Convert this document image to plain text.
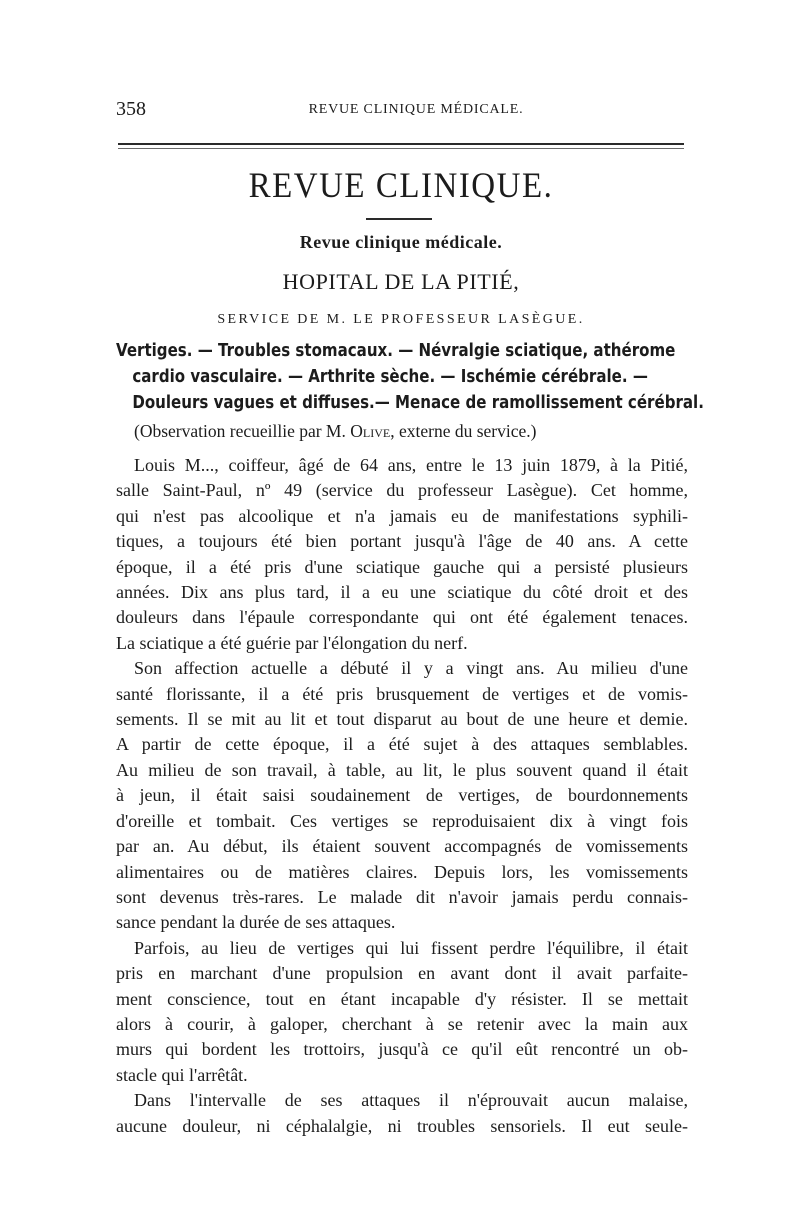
358	REVUE CLINIQUE MÉDICALE.
REVUE CLINIQUE.
Revue clinique médicale.
HOPITAL DE LA PITIÉ,
SERVICE DE M. LE PROFESSEUR LASÈGUE.

Vertiges. — Troubles stomacaux. — Névralgie sciatique, athérome
cardio vasculaire. — Arthrite sèche. — Ischémie cérébrale. —
Douleurs vagues et diffuses.— Menace de ramollissement cérébral.

(Observation recueillie par M. Olive, externe du service.)
Louis M..., coiffeur, âgé de 64 ans, entre le 13 juin 1879, à la Pitié,
salle Saint-Paul, nº 49 (service du professeur Lasègue). Cet homme,
qui n'est pas alcoolique et n'a jamais eu de manifestations syphili-
tiques, a toujours été bien portant jusqu'à l'âge de 40 ans. A cette
époque, il a été pris d'une sciatique gauche qui a persisté plusieurs
années. Dix ans plus tard, il a eu une sciatique du côté droit et des
douleurs dans l'épaule correspondante qui ont été également tenaces.
La sciatique a été guérie par l'élongation du nerf.
Son affection actuelle a débuté il y a vingt ans. Au milieu d'une
santé florissante, il a été pris brusquement de vertiges et de vomis-
sements. Il se mit au lit et tout disparut au bout de une heure et demie.
A partir de cette époque, il a été sujet à des attaques semblables.
Au milieu de son travail, à table, au lit, le plus souvent quand il était
à jeun, il était saisi soudainement de vertiges, de bourdonnements
d'oreille et tombait. Ces vertiges se reproduisaient dix à vingt fois
par an. Au début, ils étaient souvent accompagnés de vomissements
alimentaires ou de matières claires. Depuis lors, les vomissements
sont devenus très-rares. Le malade dit n'avoir jamais perdu connais-
sance pendant la durée de ses attaques.
Parfois, au lieu de vertiges qui lui fissent perdre l'équilibre, il était
pris en marchant d'une propulsion en avant dont il avait parfaite-
ment conscience, tout en étant incapable d'y résister. Il se mettait
alors à courir, à galoper, cherchant à se retenir avec la main aux
murs qui bordent les trottoirs, jusqu'à ce qu'il eût rencontré un ob-
stacle qui l'arrêtât.
Dans l'intervalle de ses attaques il n'éprouvait aucun malaise,
aucune douleur, ni céphalalgie, ni troubles sensoriels. Il eut seule-
